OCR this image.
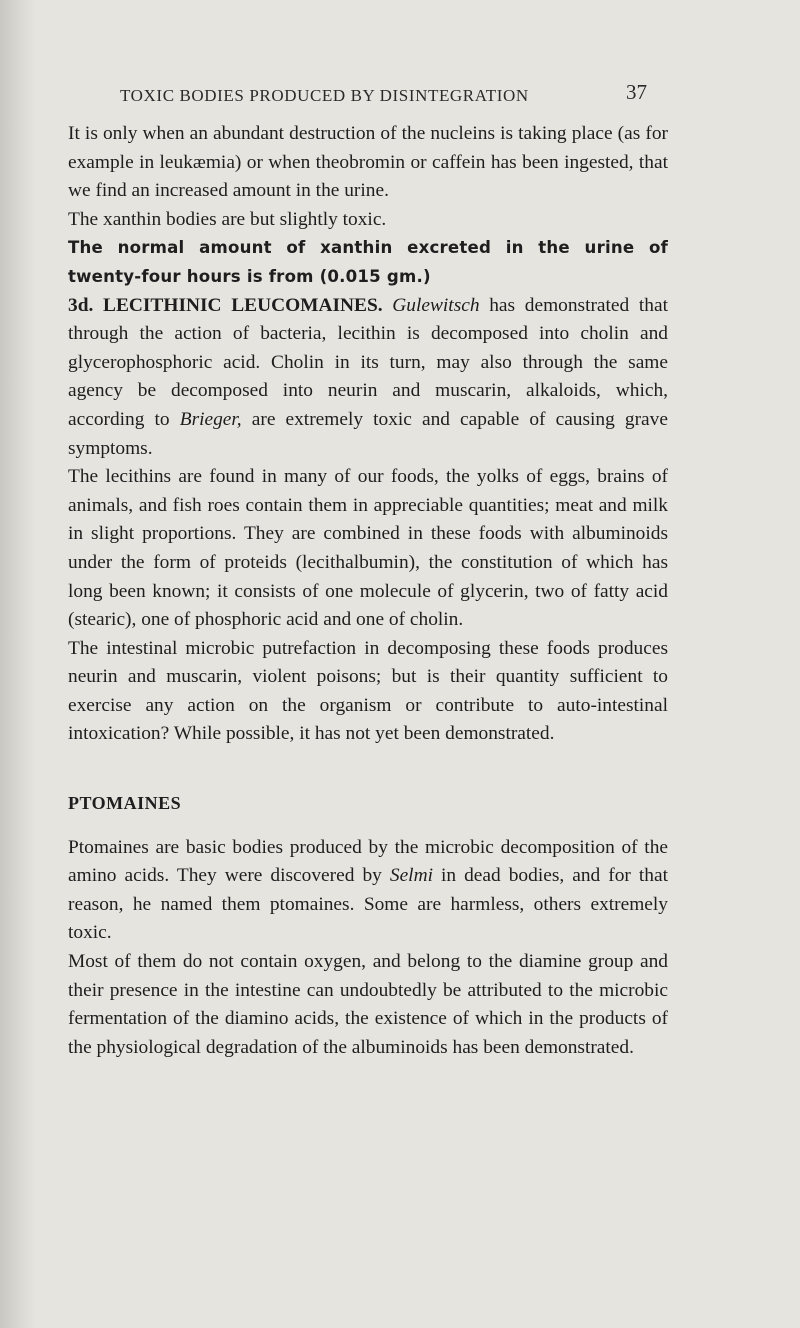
TOXIC BODIES PRODUCED BY DISINTEGRATION	37

It is only when an abundant destruction of the nucleins is taking place (as for example in leukæmia) or when theobromin or caffein has been ingested, that we find an increased amount in the urine.

The xanthin bodies are but slightly toxic.

The normal amount of xanthin excreted in the urine of twenty-four hours is from (0.015 gm.)

3d. LECITHINIC LEUCOMAINES. Gulewitsch has demonstrated that through the action of bacteria, lecithin is decomposed into cholin and glycerophosphoric acid. Cholin in its turn, may also through the same agency be decomposed into neurin and muscarin, alkaloids, which, according to Brieger, are extremely toxic and capable of causing grave symptoms.

The lecithins are found in many of our foods, the yolks of eggs, brains of animals, and fish roes contain them in appreciable quantities; meat and milk in slight proportions. They are combined in these foods with albuminoids under the form of proteids (lecithalbumin), the constitution of which has long been known; it consists of one molecule of glycerin, two of fatty acid (stearic), one of phosphoric acid and one of cholin.

The intestinal microbic putrefaction in decomposing these foods produces neurin and muscarin, violent poisons; but is their quantity sufficient to exercise any action on the organism or contribute to auto-intestinal intoxication? While possible, it has not yet been demonstrated.

PTOMAINES

Ptomaines are basic bodies produced by the microbic decomposition of the amino acids. They were discovered by Selmi in dead bodies, and for that reason, he named them ptomaines. Some are harmless, others extremely toxic.

Most of them do not contain oxygen, and belong to the diamine group and their presence in the intestine can undoubtedly be attributed to the microbic fermentation of the diamino acids, the existence of which in the products of the physiological degradation of the albuminoids has been demonstrated.
